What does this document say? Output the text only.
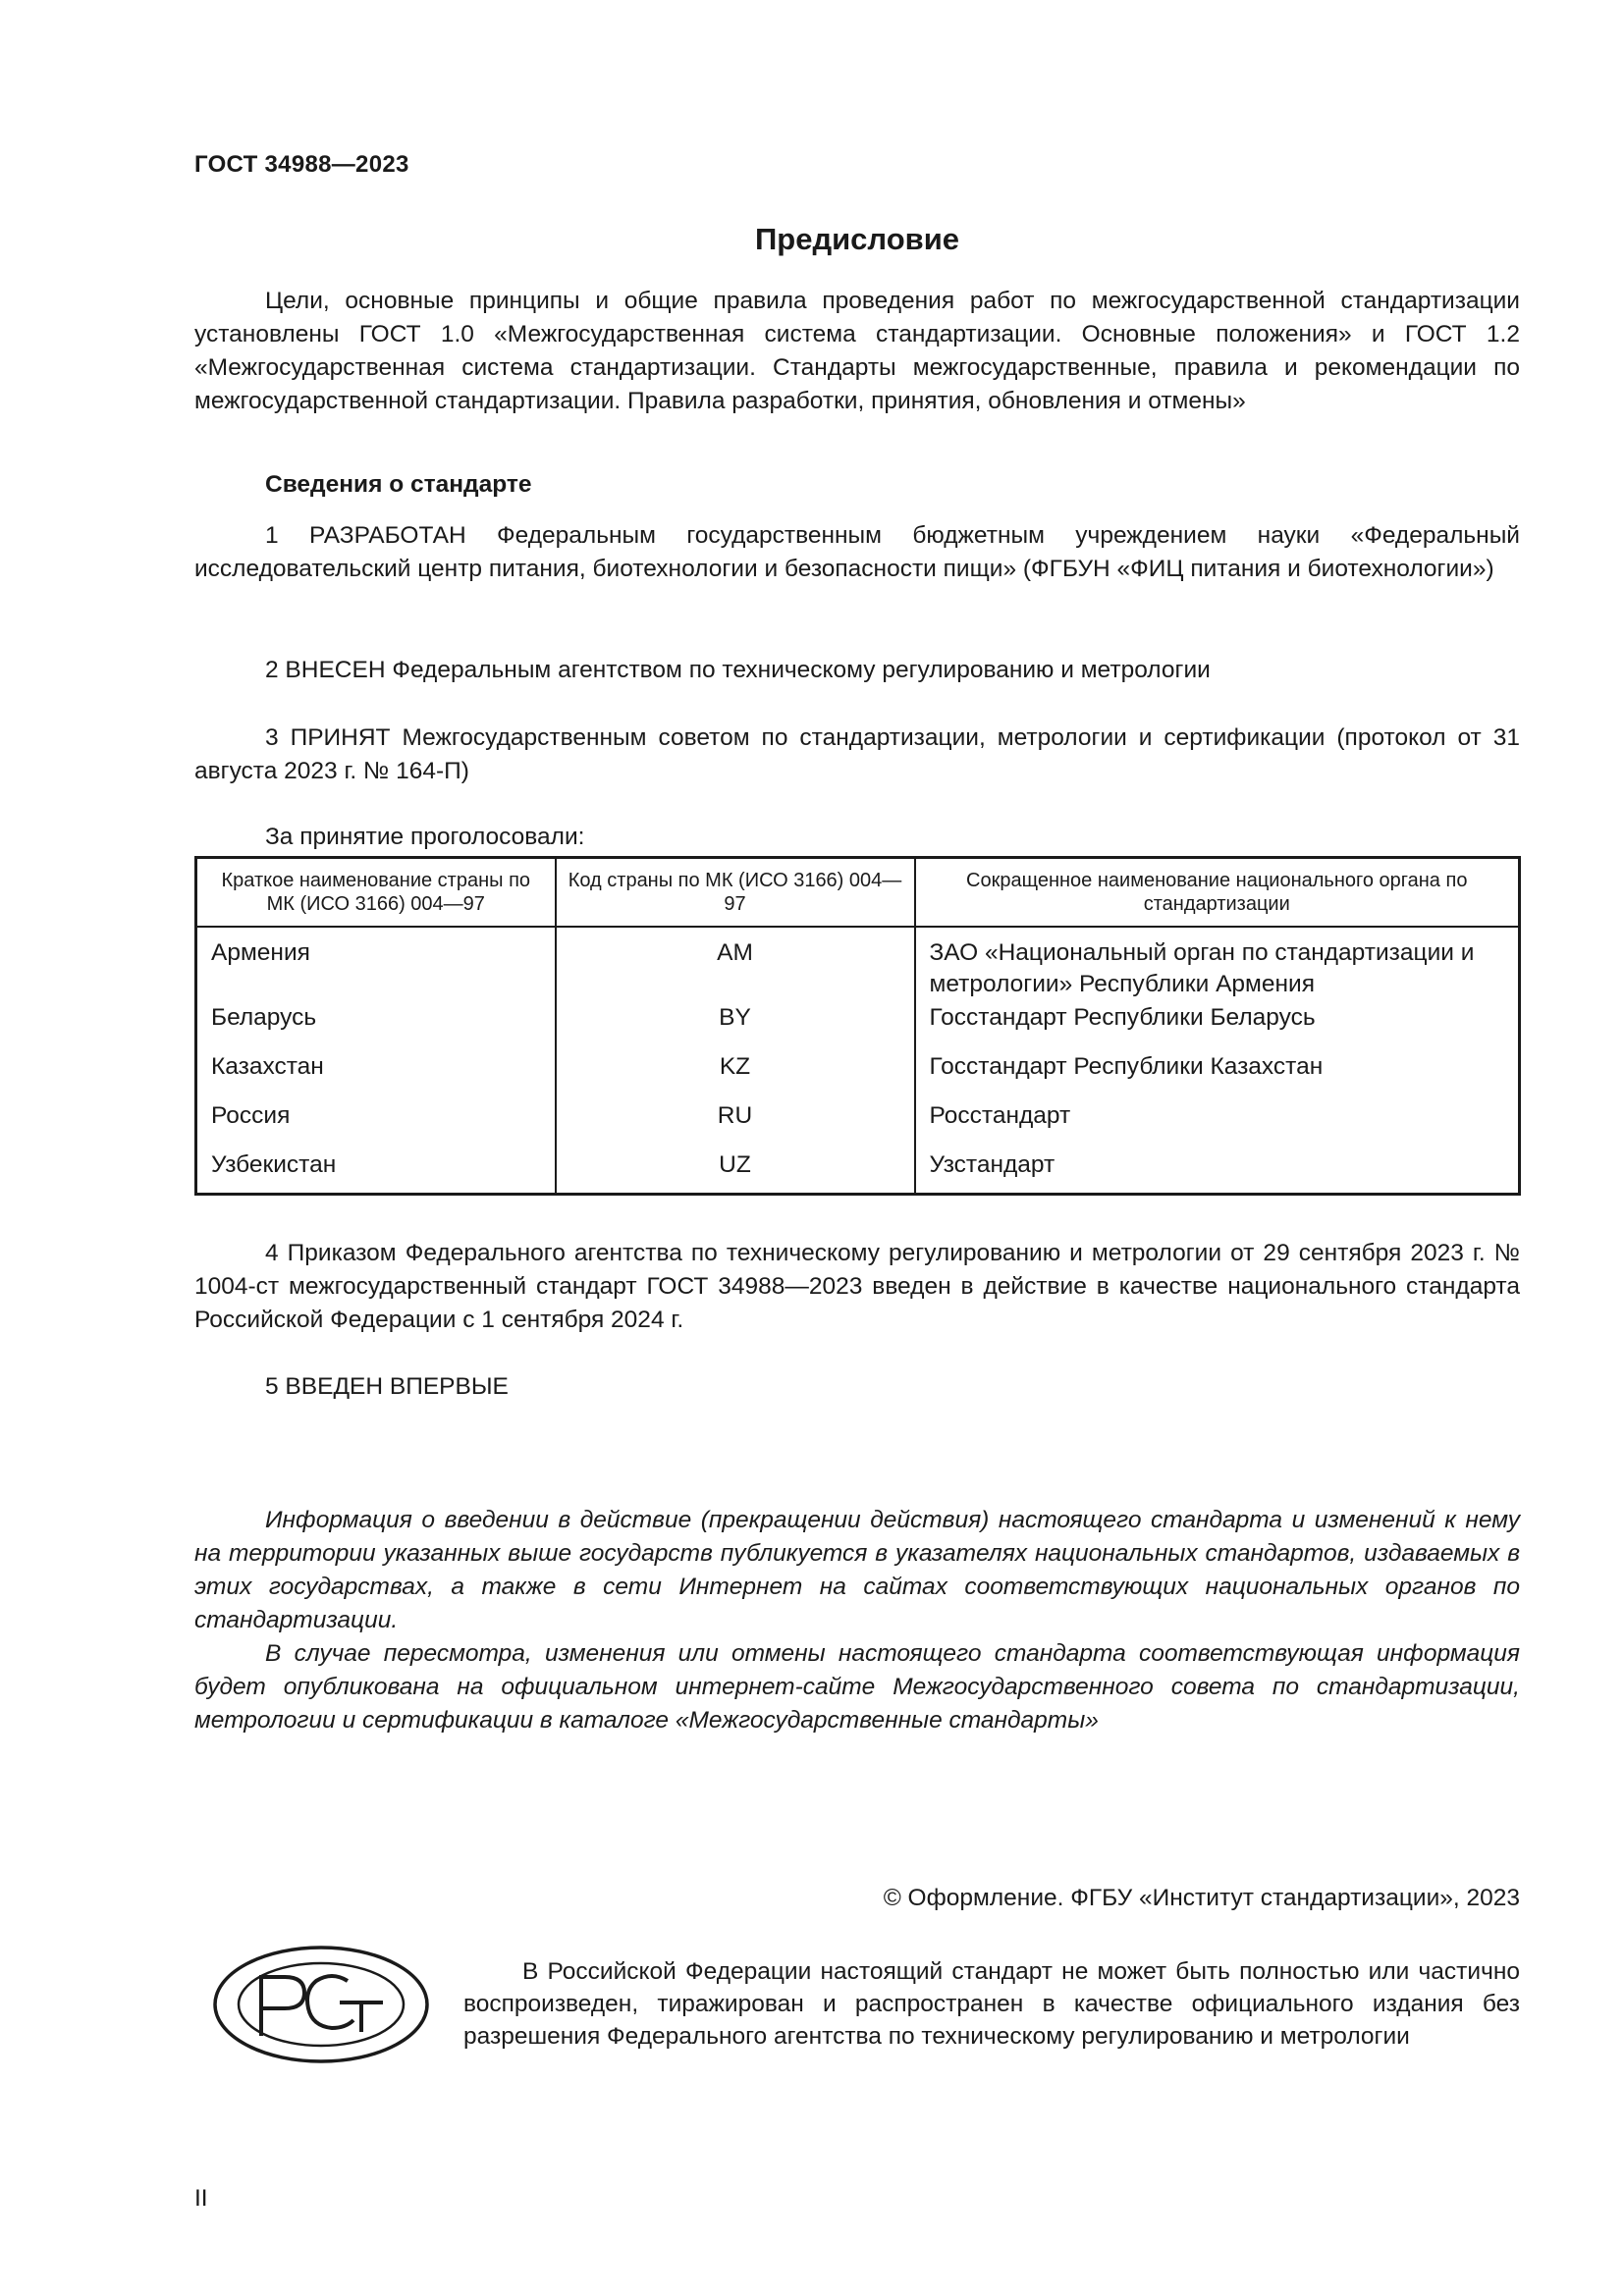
ГОСТ 34988—2023
Предисловие
Цели, основные принципы и общие правила проведения работ по межгосударственной стандартизации установлены ГОСТ 1.0 «Межгосударственная система стандартизации. Основные положения» и ГОСТ 1.2 «Межгосударственная система стандартизации. Стандарты межгосударственные, правила и рекомендации по межгосударственной стандартизации. Правила разработки, принятия, обновления и отмены»
Сведения о стандарте
1 РАЗРАБОТАН Федеральным государственным бюджетным учреждением науки «Федеральный исследовательский центр питания, биотехнологии и безопасности пищи» (ФГБУН «ФИЦ питания и биотехнологии»)
2 ВНЕСЕН Федеральным агентством по техническому регулированию и метрологии
3 ПРИНЯТ Межгосударственным советом по стандартизации, метрологии и сертификации (протокол от 31 августа 2023 г. № 164-П)
За принятие проголосовали:
Краткое наименование страны по МК (ИСО 3166) 004—97	Код страны по МК (ИСО 3166) 004—97	Сокращенное наименование национального органа по стандартизации
Армения	AM	ЗАО «Национальный орган по стандартизации и метрологии» Республики Армения
Беларусь	BY	Госстандарт Республики Беларусь
Казахстан	KZ	Госстандарт Республики Казахстан
Россия	RU	Росстандарт
Узбекистан	UZ	Узстандарт
4 Приказом Федерального агентства по техническому регулированию и метрологии от 29 сентября 2023 г. № 1004-ст межгосударственный стандарт ГОСТ 34988—2023 введен в действие в качестве национального стандарта Российской Федерации с 1 сентября 2024 г.
5 ВВЕДЕН ВПЕРВЫЕ
Информация о введении в действие (прекращении действия) настоящего стандарта и изменений к нему на территории указанных выше государств публикуется в указателях национальных стандартов, издаваемых в этих государствах, а также в сети Интернет на сайтах соответствующих национальных органов по стандартизации.
В случае пересмотра, изменения или отмены настоящего стандарта соответствующая информация будет опубликована на официальном интернет-сайте Межгосударственного совета по стандартизации, метрологии и сертификации в каталоге «Межгосударственные стандарты»
© Оформление. ФГБУ «Институт стандартизации», 2023
В Российской Федерации настоящий стандарт не может быть полностью или частично воспроизведен, тиражирован и распространен в качестве официального издания без разрешения Федерального агентства по техническому регулированию и метрологии
II
